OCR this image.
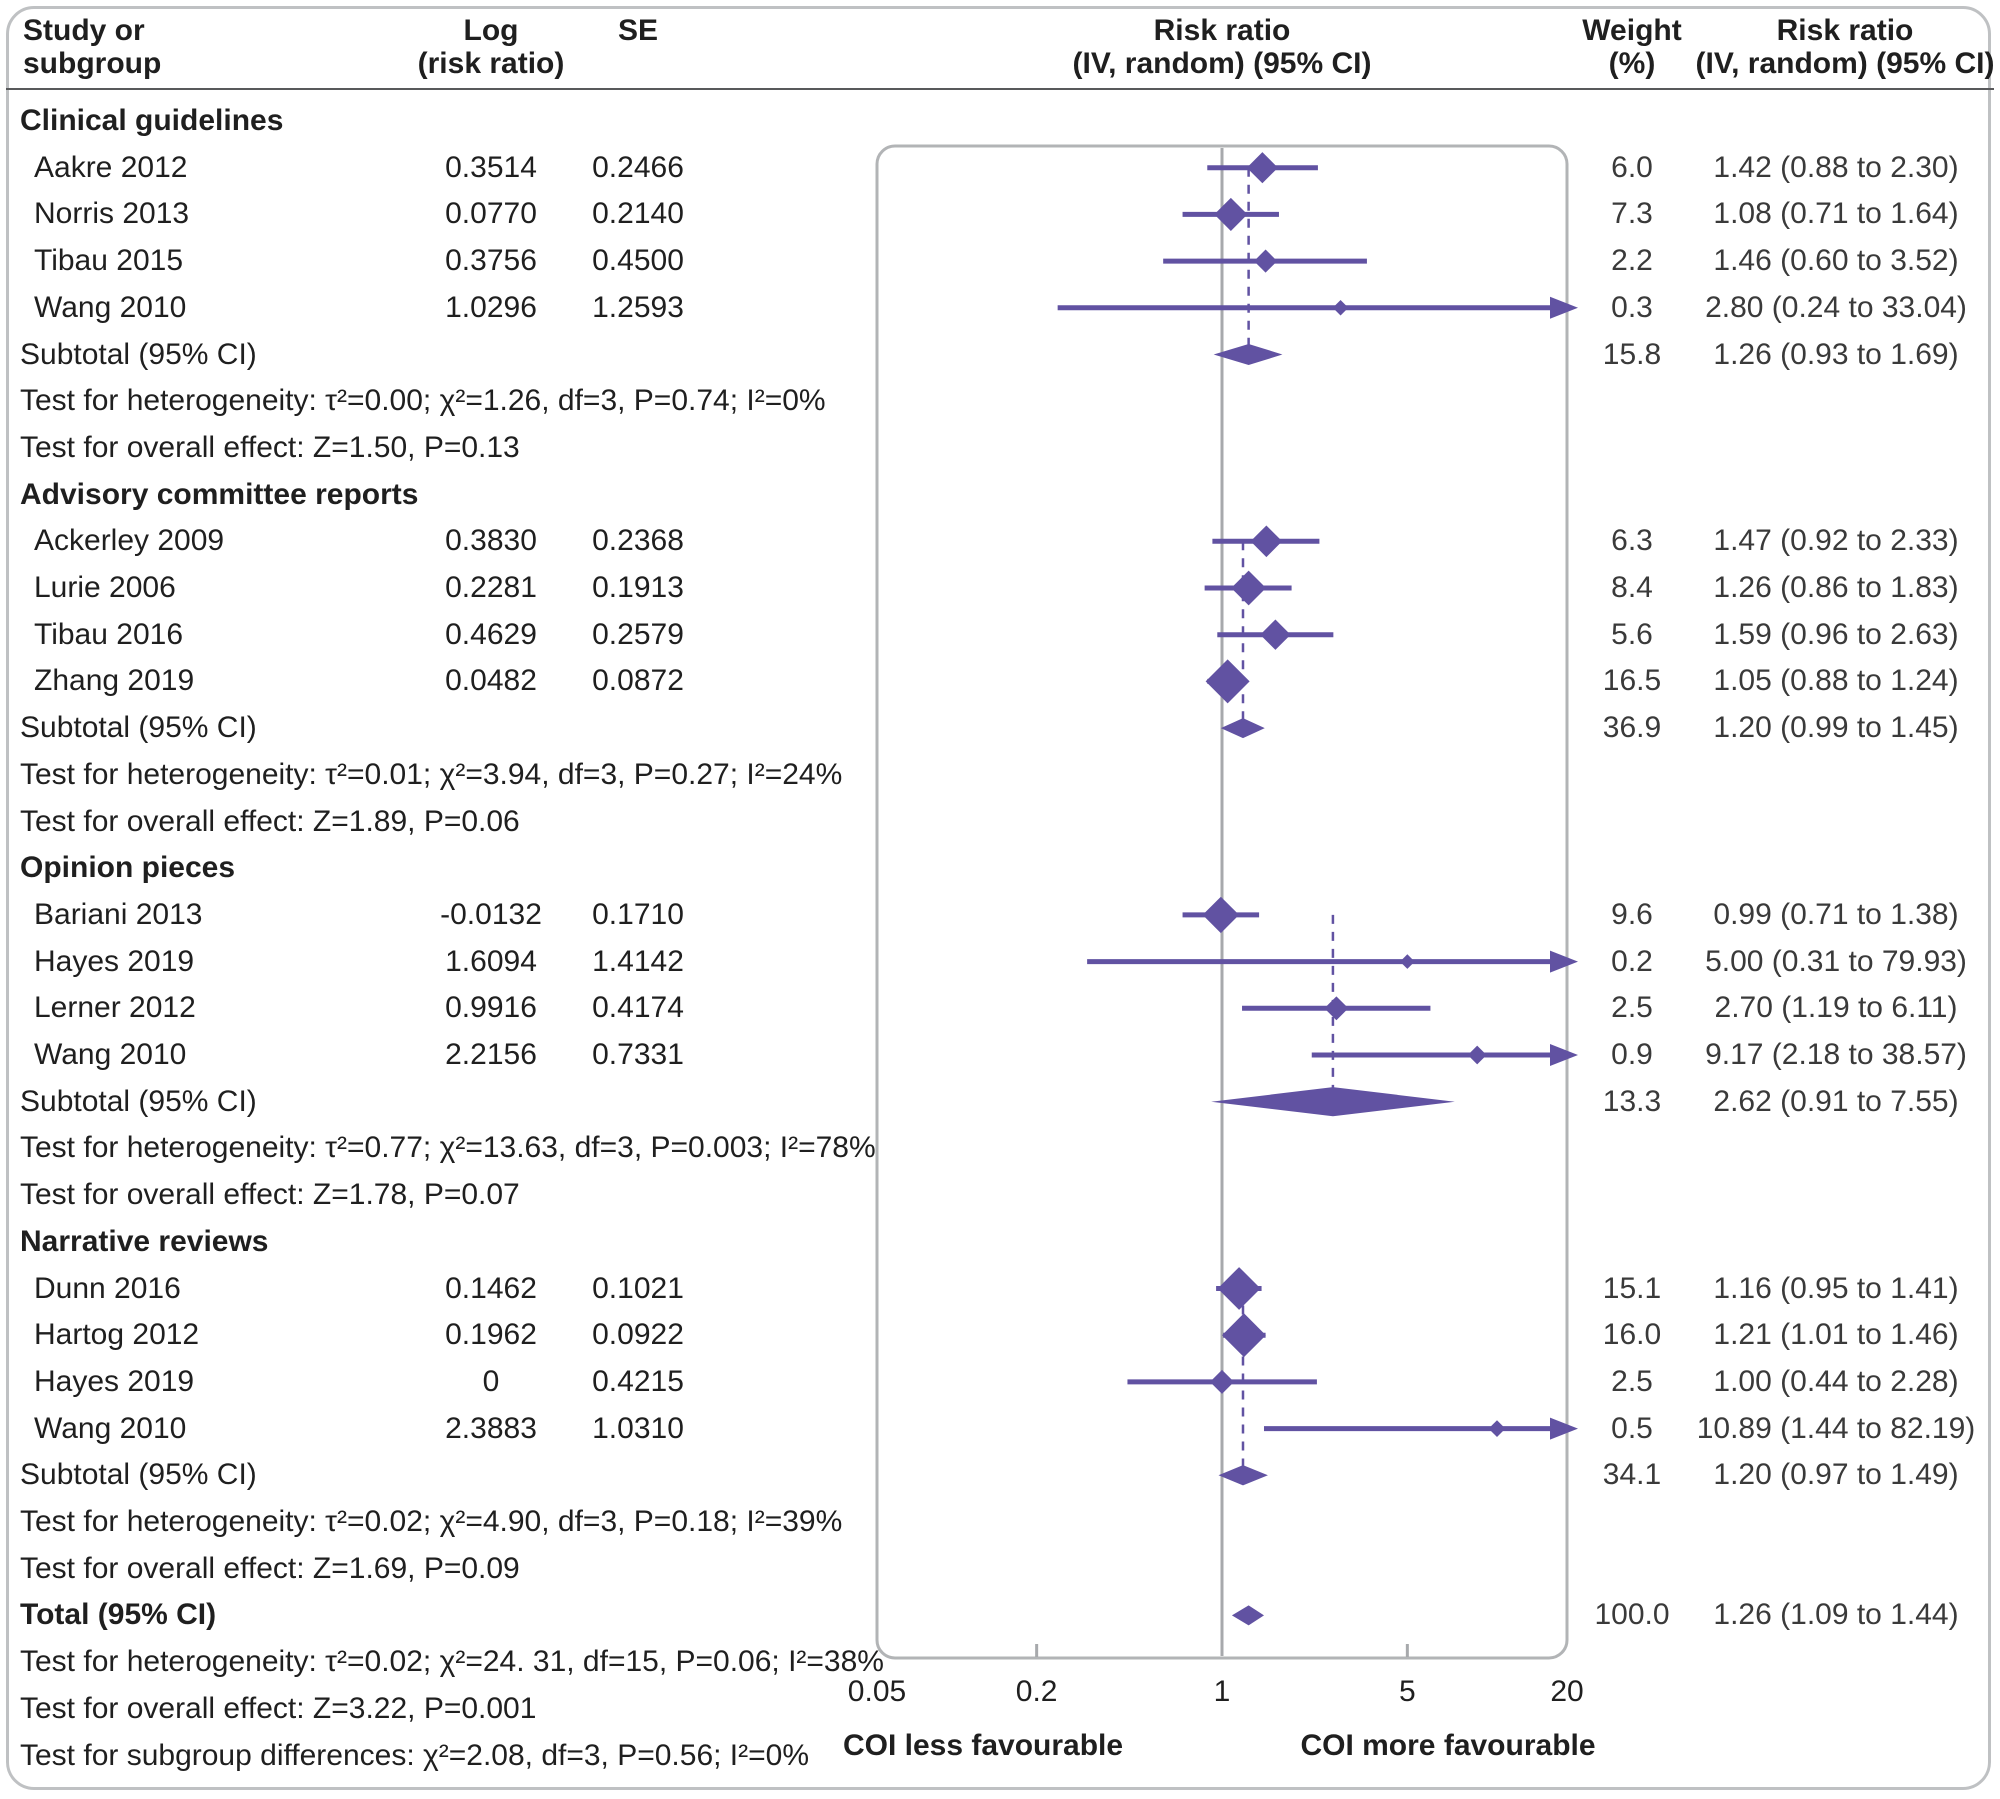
Study or
subgroup
Log
(risk ratio)
SE	Risk ratio
(IV, random) (95% CI)
Weight
(%)
Risk ratio
(IV, random) (95% CI)
Clinical guidelines
Aakre 2012	0.3514 0.2466	6.0 1.42 (0.88 to 2.30)
Norris 2013	0.0770 0.2140	7.3 1.08 (0.71 to 1.64)
Tibau 2015	0.3756 0.4500	2.2 1.46 (0.60 to 3.52)
Wang 2010	1.0296 1.2593	0.3 2.80 (0.24 to 33.04)
Subtotal (95% CI)	15.8 1.26 (0.93 to 1.69)
Test for heterogeneity: τ²=0.00; χ²=1.26, df=3, P=0.74; I²=0%
Test for overall effect: Z=1.50, P=0.13
Advisory committee reports
Ackerley 2009	0.3830 0.2368	6.3 1.47 (0.92 to 2.33)
Lurie 2006	0.2281 0.1913	8.4 1.26 (0.86 to 1.83)
Tibau 2016	0.4629 0.2579	5.6 1.59 (0.96 to 2.63)
Zhang 2019	0.0482 0.0872	16.5 1.05 (0.88 to 1.24)
Subtotal (95% CI)	36.9 1.20 (0.99 to 1.45)
Test for heterogeneity: τ²=0.01; χ²=3.94, df=3, P=0.27; I²=24%
Test for overall effect: Z=1.89, P=0.06
Opinion pieces
Bariani 2013	-0.0132 0.1710	9.6 0.99 (0.71 to 1.38)
Hayes 2019	1.6094 1.4142	0.2 5.00 (0.31 to 79.93)
Lerner 2012	0.9916 0.4174	2.5 2.70 (1.19 to 6.11)
Wang 2010	2.2156 0.7331	0.9 9.17 (2.18 to 38.57)
Subtotal (95% CI)	13.3 2.62 (0.91 to 7.55)
Test for heterogeneity: τ²=0.77; χ²=13.63, df=3, P=0.003; I²=78%
Test for overall effect: Z=1.78, P=0.07
Narrative reviews
Dunn 2016	0.1462 0.1021	15.1 1.16 (0.95 to 1.41)
Hartog 2012	0.1962 0.0922	16.0 1.21 (1.01 to 1.46)
Hayes 2019	0	0.4215	2.5 1.00 (0.44 to 2.28)
Wang 2010	2.3883 1.0310	0.5 10.89 (1.44 to 82.19)
Subtotal (95% CI)	34.1 1.20 (0.97 to 1.49)
Test for heterogeneity: τ²=0.02; χ²=4.90, df=3, P=0.18; I²=39%
Test for overall effect: Z=1.69, P=0.09
Total (95% CI)	100.0 1.26 (1.09 to 1.44)
Test for heterogeneity: τ²=0.02; χ²=24. 31, df=15, P=0.06; I²=38%
Test for overall effect: Z=3.22, P=0.001
Test for subgroup differences: χ²=2.08, df=3, P=0.56; I²=0%
0.05	0.2	1	5	20
COI less favourable	COI more favourable
